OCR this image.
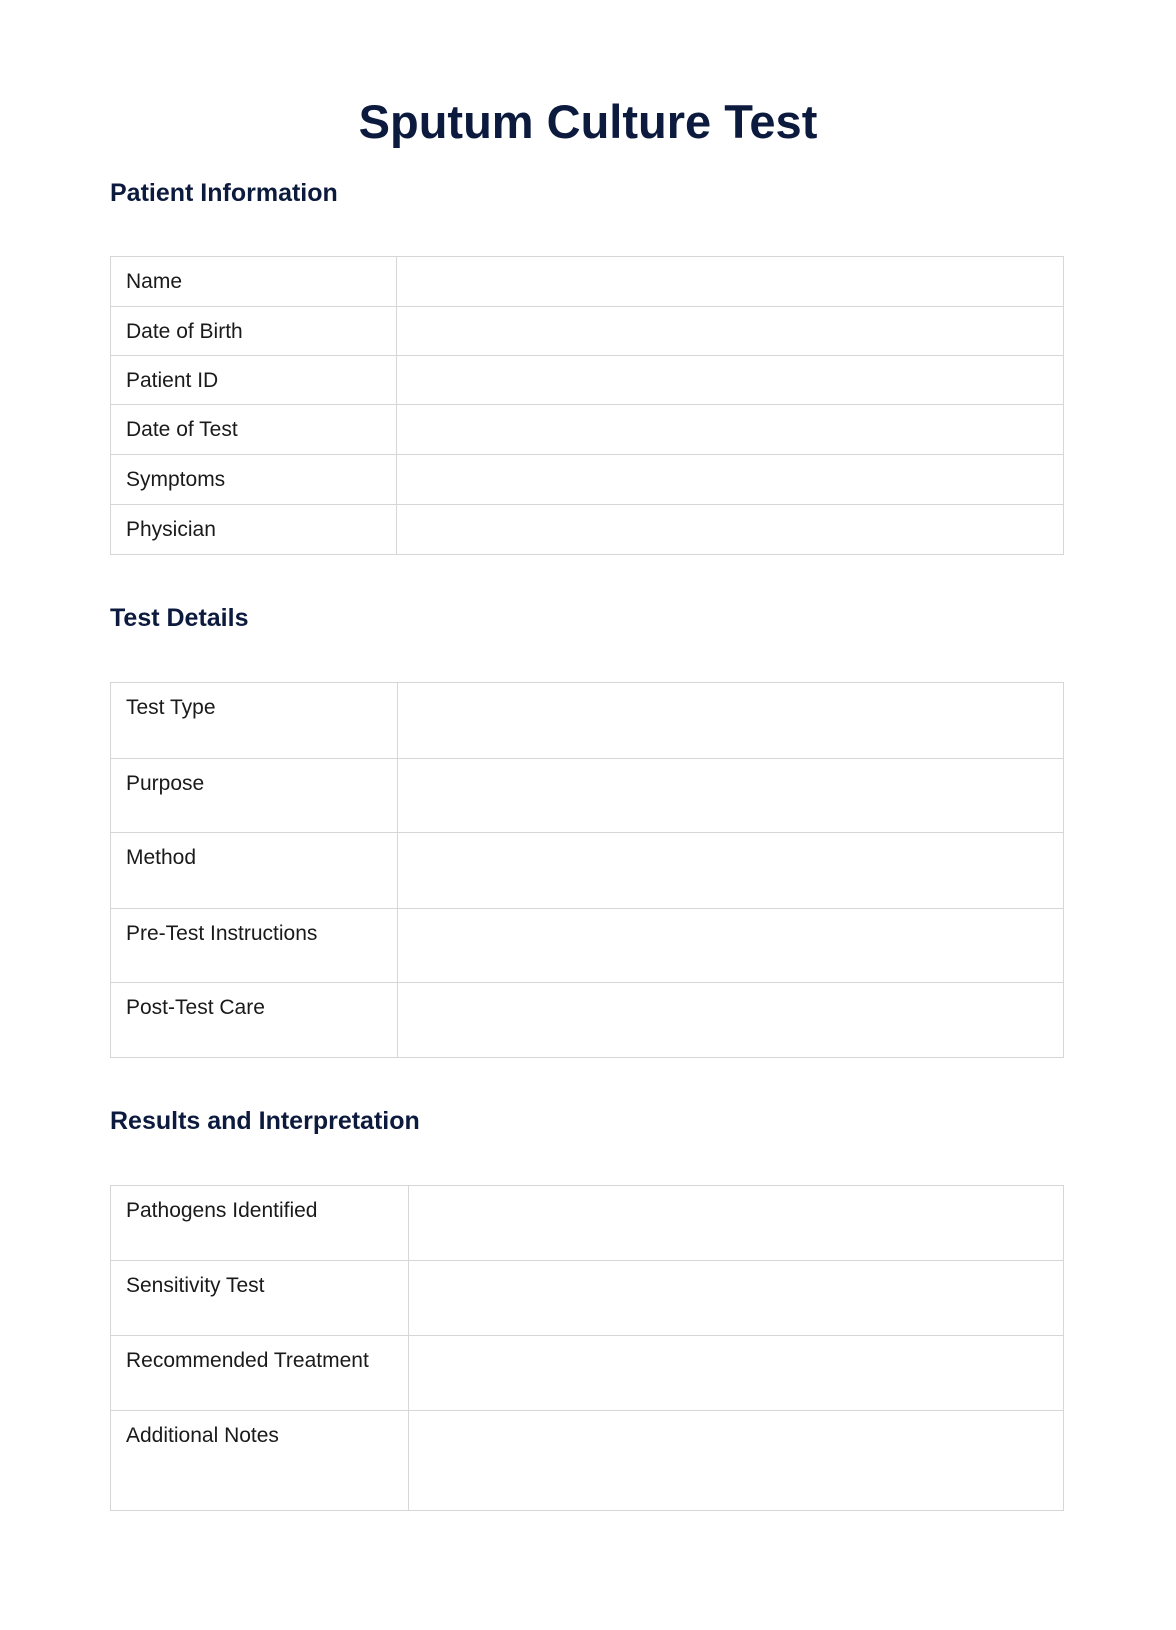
Sputum Culture Test
Patient Information
Name	
Date of Birth	
Patient ID	
Date of Test	
Symptoms	
Physician	
Test Details
Test Type	
Purpose	
Method	
Pre-Test Instructions	
Post-Test Care	
Results and Interpretation
Pathogens Identified	
Sensitivity Test	
Recommended Treatment	
Additional Notes	
